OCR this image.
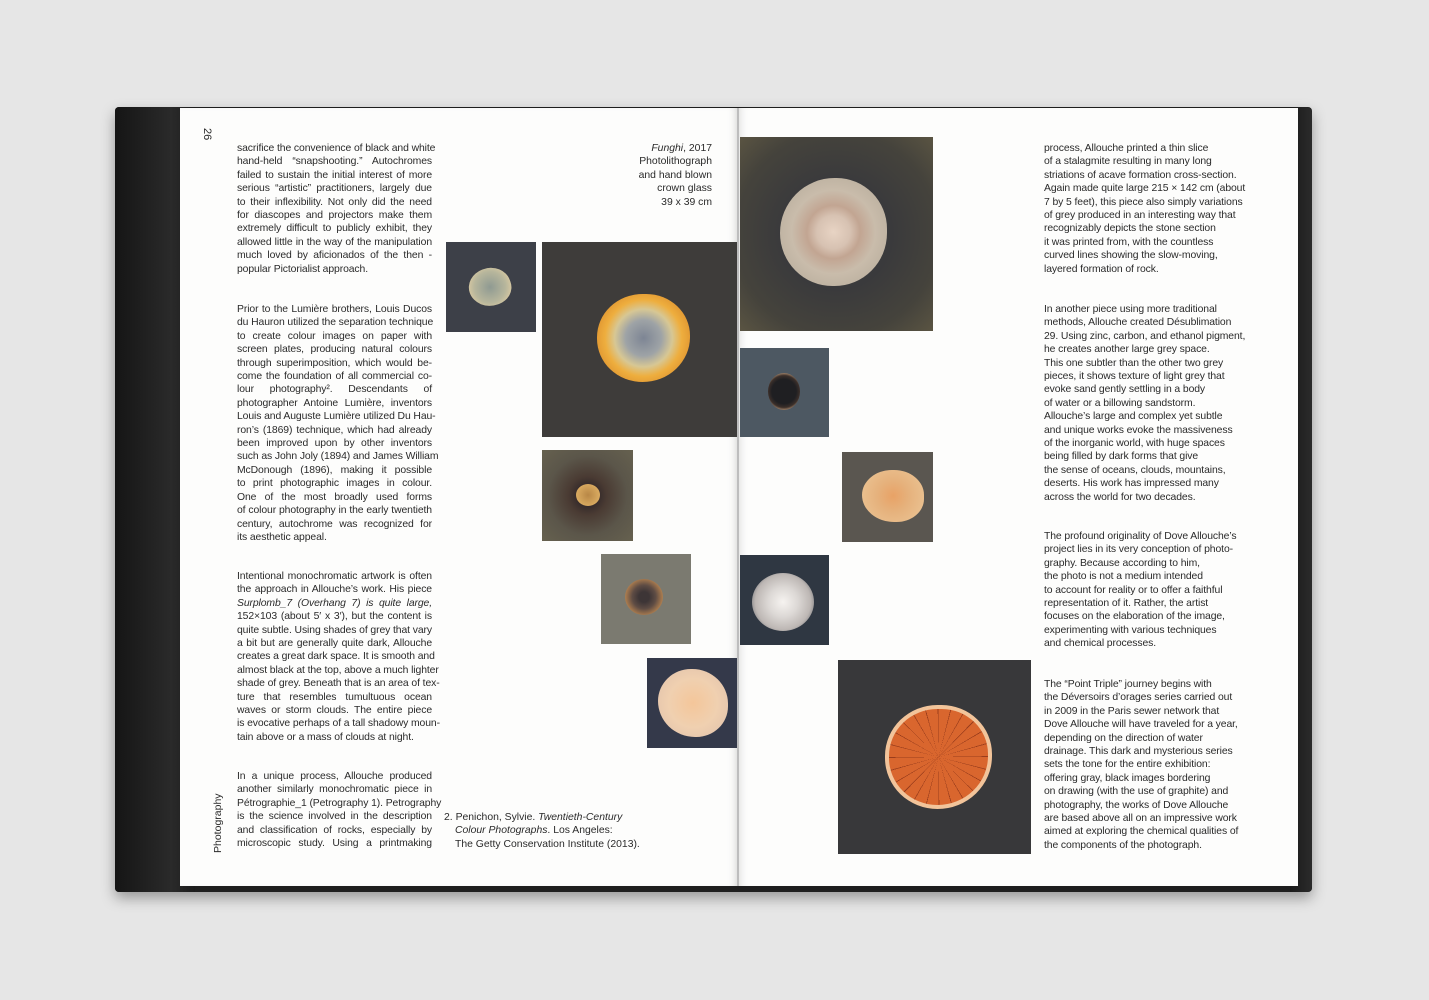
26
Photography

sacrifice the convenience of black and white

hand-held “snapshooting.” Autochromes

failed to sustain the initial interest of more

serious “artistic” practitioners, largely due

to their inflexibility. Not only did the need

for diascopes and projectors make them

extremely difficult to publicly exhibit, they

allowed little in the way of the manipulation

much loved by aficionados of the then -

popular Pictorialist approach.

Prior to the Lumière brothers, Louis Ducos

du Hauron utilized the separation technique

to create colour images on paper with

screen plates, producing natural colours

through superimposition, which would be-

come the foundation of all commercial co-

lour photography². Descendants of

photographer Antoine Lumière, inventors

Louis and Auguste Lumière utilized Du Hau-

ron’s (1869) technique, which had already

been improved upon by other inventors

such as John Joly (1894) and James William

McDonough (1896), making it possible

to print photographic images in colour.

One of the most broadly used forms

of colour photography in the early twentieth

century, autochrome was recognized for

its aesthetic appeal.

Intentional monochromatic artwork is often

the approach in Allouche’s work. His piece

Surplomb_7 (Overhang 7) is quite large,

152×103 (about 5′ x 3′), but the content is

quite subtle. Using shades of grey that vary

a bit but are generally quite dark, Allouche

creates a great dark space. It is smooth and

almost black at the top, above a much lighter

shade of grey. Beneath that is an area of tex-

ture that resembles tumultuous ocean

waves or storm clouds. The entire piece

is evocative perhaps of a tall shadowy moun-

tain above or a mass of clouds at night.

In a unique process, Allouche produced

another similarly monochromatic piece in

Pétrographie_1 (Petrography 1). Petrography

is the science involved in the description

and classification of rocks, especially by

microscopic study. Using a printmaking

Funghi, 2017

Photolithograph

and hand blown

crown glass

39 x 39 cm

2. Penichon, Sylvie. Twentieth-Century

Colour Photographs. Los Angeles:

The Getty Conservation Institute (2013).

process, Allouche printed a thin slice

of a stalagmite resulting in many long

striations of acave formation cross-section.

Again made quite large 215 × 142 cm (about

7 by 5 feet), this piece also simply variations

of grey produced in an interesting way that

recognizably depicts the stone section

it was printed from, with the countless

curved lines showing the slow-moving,

layered formation of rock.

In another piece using more traditional

methods, Allouche created Désublimation

29. Using zinc, carbon, and ethanol pigment,

he creates another large grey space.

This one subtler than the other two grey

pieces, it shows texture of light grey that

evoke sand gently settling in a body

of water or a billowing sandstorm.

Allouche’s large and complex yet subtle

and unique works evoke the massiveness

of the inorganic world, with huge spaces

being filled by dark forms that give

the sense of oceans, clouds, mountains,

deserts. His work has impressed many

across the world for two decades.

The profound originality of Dove Allouche’s

project lies in its very conception of photo-

graphy. Because according to him,

the photo is not a medium intended

to account for reality or to offer a faithful

representation of it. Rather, the artist

focuses on the elaboration of the image,

experimenting with various techniques

and chemical processes.

The “Point Triple” journey begins with

the Déversoirs d’orages series carried out

in 2009 in the Paris sewer network that

Dove Allouche will have traveled for a year,

depending on the direction of water

drainage. This dark and mysterious series

sets the tone for the entire exhibition:

offering gray, black images bordering

on drawing (with the use of graphite) and

photography, the works of Dove Allouche

are based above all on an impressive work

aimed at exploring the chemical qualities of

the components of the photograph.
